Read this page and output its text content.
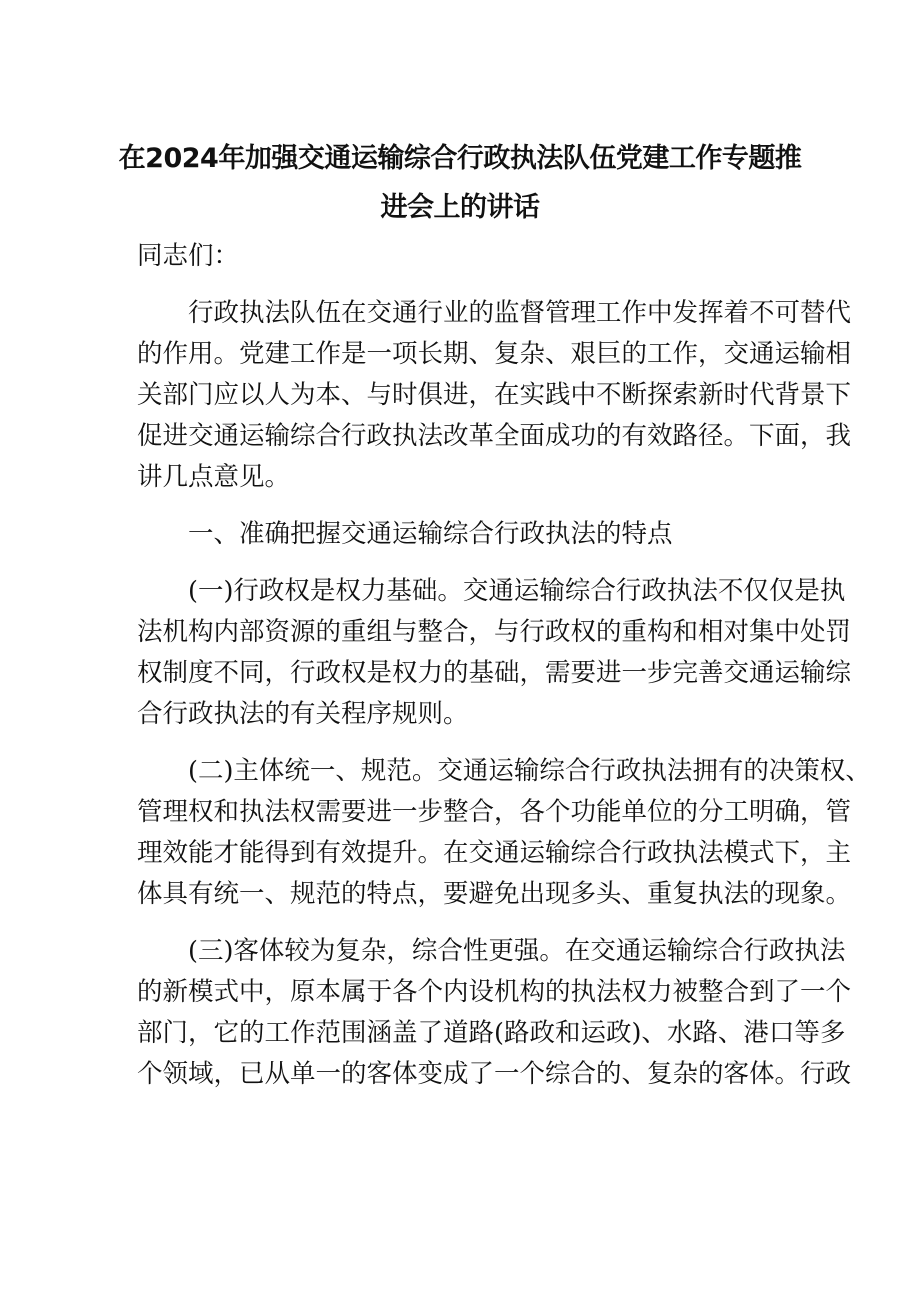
在2024年加强交通运输综合行政执法队伍党建工作专题推
进会上的讲话

同志们：

行政执法队伍在交通行业的监督管理工作中发挥着不可替代
的作用。党建工作是一项长期、复杂、艰巨的工作，交通运输相
关部门应以人为本、与时俱进，在实践中不断探索新时代背景下
促进交通运输综合行政执法改革全面成功的有效路径。下面，我
讲几点意见。

一、准确把握交通运输综合行政执法的特点

(一)行政权是权力基础。交通运输综合行政执法不仅仅是执
法机构内部资源的重组与整合，与行政权的重构和相对集中处罚
权制度不同，行政权是权力的基础，需要进一步完善交通运输综
合行政执法的有关程序规则。

(二)主体统一、规范。交通运输综合行政执法拥有的决策权、
管理权和执法权需要进一步整合，各个功能单位的分工明确，管
理效能才能得到有效提升。在交通运输综合行政执法模式下，主
体具有统一、规范的特点，要避免出现多头、重复执法的现象。

(三)客体较为复杂，综合性更强。在交通运输综合行政执法
的新模式中，原本属于各个内设机构的执法权力被整合到了一个
部门，它的工作范围涵盖了道路(路政和运政)、水路、港口等多
个领域，已从单一的客体变成了一个综合的、复杂的客体。行政
